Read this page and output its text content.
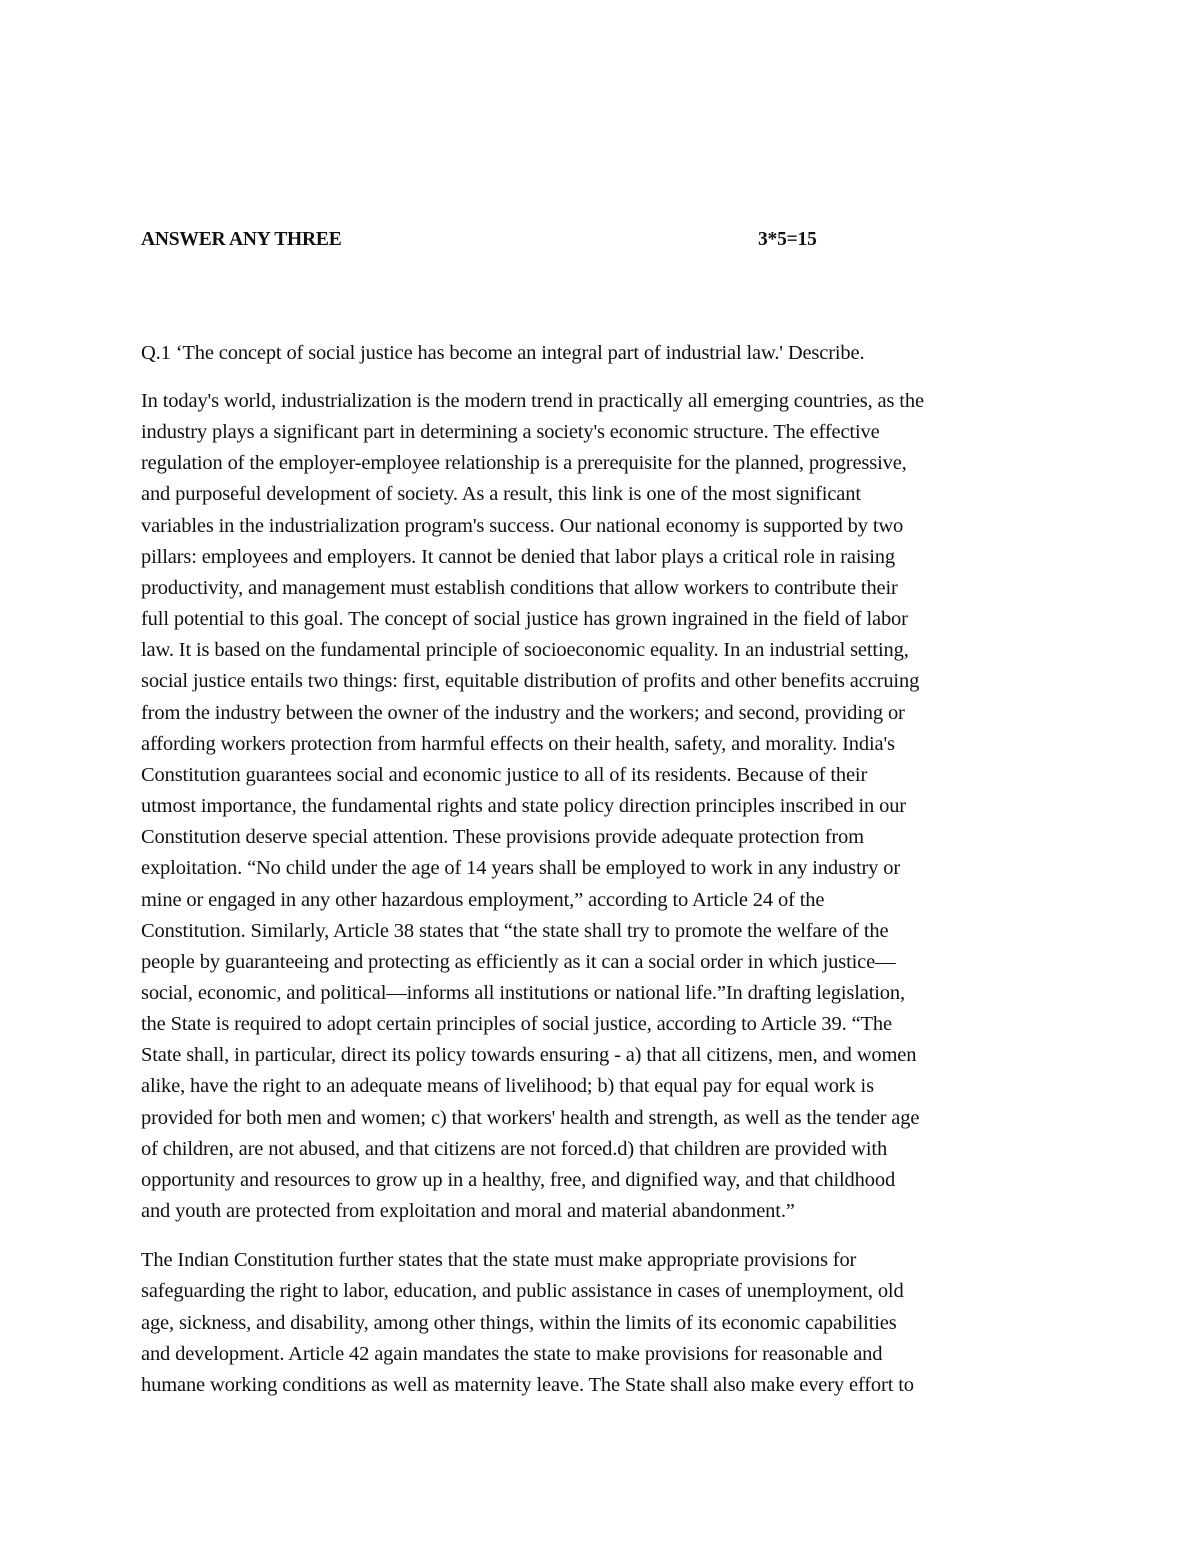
ANSWER ANY THREE	3*5=15
Q.1 ‘The concept of social justice has become an integral part of industrial law.' Describe.
In today's world, industrialization is the modern trend in practically all emerging countries, as the
industry plays a significant part in determining a society's economic structure. The effective
regulation of the employer-employee relationship is a prerequisite for the planned, progressive,
and purposeful development of society. As a result, this link is one of the most significant
variables in the industrialization program's success. Our national economy is supported by two
pillars: employees and employers. It cannot be denied that labor plays a critical role in raising
productivity, and management must establish conditions that allow workers to contribute their
full potential to this goal. The concept of social justice has grown ingrained in the field of labor
law. It is based on the fundamental principle of socioeconomic equality. In an industrial setting,
social justice entails two things: first, equitable distribution of profits and other benefits accruing
from the industry between the owner of the industry and the workers; and second, providing or
affording workers protection from harmful effects on their health, safety, and morality. India's
Constitution guarantees social and economic justice to all of its residents. Because of their
utmost importance, the fundamental rights and state policy direction principles inscribed in our
Constitution deserve special attention. These provisions provide adequate protection from
exploitation. “No child under the age of 14 years shall be employed to work in any industry or
mine or engaged in any other hazardous employment,” according to Article 24 of the
Constitution. Similarly, Article 38 states that “the state shall try to promote the welfare of the
people by guaranteeing and protecting as efficiently as it can a social order in which justice—
social, economic, and political—informs all institutions or national life.”In drafting legislation,
the State is required to adopt certain principles of social justice, according to Article 39. “The
State shall, in particular, direct its policy towards ensuring - a) that all citizens, men, and women
alike, have the right to an adequate means of livelihood; b) that equal pay for equal work is
provided for both men and women; c) that workers' health and strength, as well as the tender age
of children, are not abused, and that citizens are not forced.d) that children are provided with
opportunity and resources to grow up in a healthy, free, and dignified way, and that childhood
and youth are protected from exploitation and moral and material abandonment.”
The Indian Constitution further states that the state must make appropriate provisions for
safeguarding the right to labor, education, and public assistance in cases of unemployment, old
age, sickness, and disability, among other things, within the limits of its economic capabilities
and development. Article 42 again mandates the state to make provisions for reasonable and
humane working conditions as well as maternity leave. The State shall also make every effort to
